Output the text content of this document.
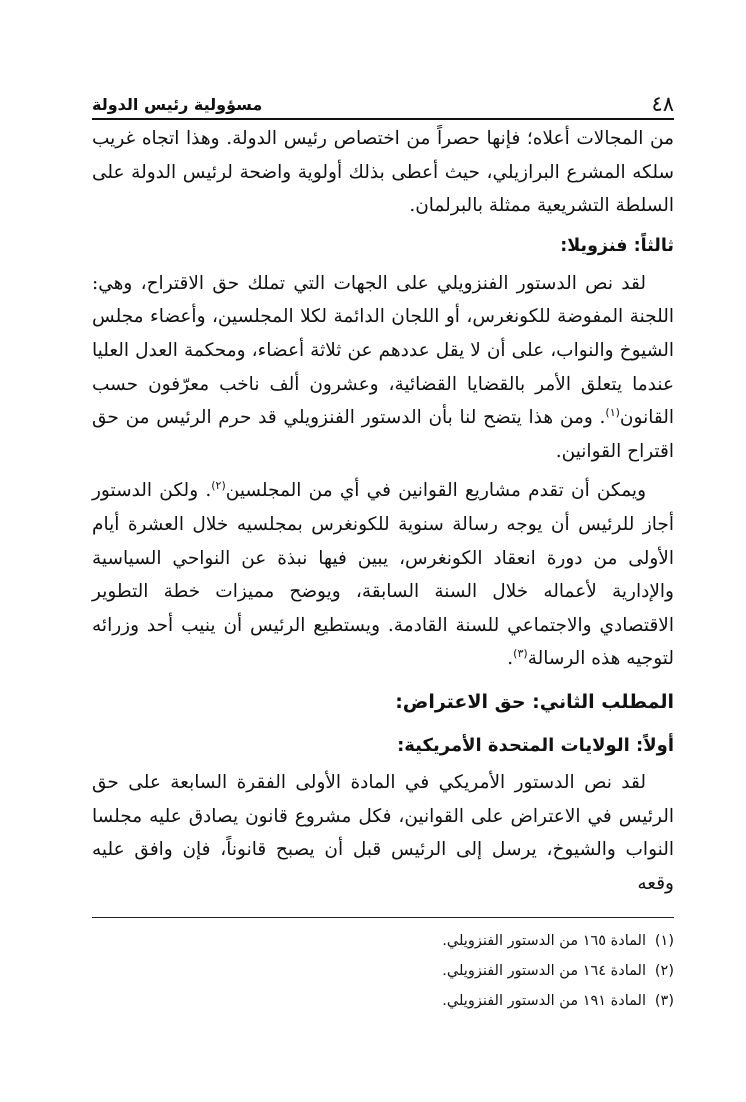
٤٨
مسؤولية رئيس الدولة

من المجالات أعلاه؛ فإنها حصراً من اختصاص رئيس الدولة. وهذا اتجاه غريب سلكه المشرع البرازيلي، حيث أعطى بذلك أولوية واضحة لرئيس الدولة على السلطة التشريعية ممثلة بالبرلمان.

ثالثاً: فنزويلا:

لقد نص الدستور الفنزويلي على الجهات التي تملك حق الاقتراح، وهي: اللجنة المفوضة للكونغرس، أو اللجان الدائمة لكلا المجلسين، وأعضاء مجلس الشيوخ والنواب، على أن لا يقل عددهم عن ثلاثة أعضاء، ومحكمة العدل العليا عندما يتعلق الأمر بالقضايا القضائية، وعشرون ألف ناخب معرّفون حسب القانون$^{(١)}$. ومن هذا يتضح لنا بأن الدستور الفنزويلي قد حرم الرئيس من حق اقتراح القوانين.

ويمكن أن تقدم مشاريع القوانين في أي من المجلسين$^{(٢)}$. ولكن الدستور أجاز للرئيس أن يوجه رسالة سنوية للكونغرس بمجلسيه خلال العشرة أيام الأولى من دورة انعقاد الكونغرس، يبين فيها نبذة عن النواحي السياسية والإدارية لأعماله خلال السنة السابقة، ويوضح مميزات خطة التطوير الاقتصادي والاجتماعي للسنة القادمة. ويستطيع الرئيس أن ينيب أحد وزرائه لتوجيه هذه الرسالة$^{(٣)}$.

المطلب الثاني: حق الاعتراض:
أولاً: الولايات المتحدة الأمريكية:

لقد نص الدستور الأمريكي في المادة الأولى الفقرة السابعة على حق الرئيس في الاعتراض على القوانين، فكل مشروع قانون يصادق عليه مجلسا النواب والشيوخ، يرسل إلى الرئيس قبل أن يصبح قانوناً، فإن وافق عليه وقعه

(١)
المادة ١٦٥ من الدستور الفنزويلي.
(٢)
المادة ١٦٤ من الدستور الفنزويلي.
(٣)
المادة ١٩١ من الدستور الفنزويلي.
